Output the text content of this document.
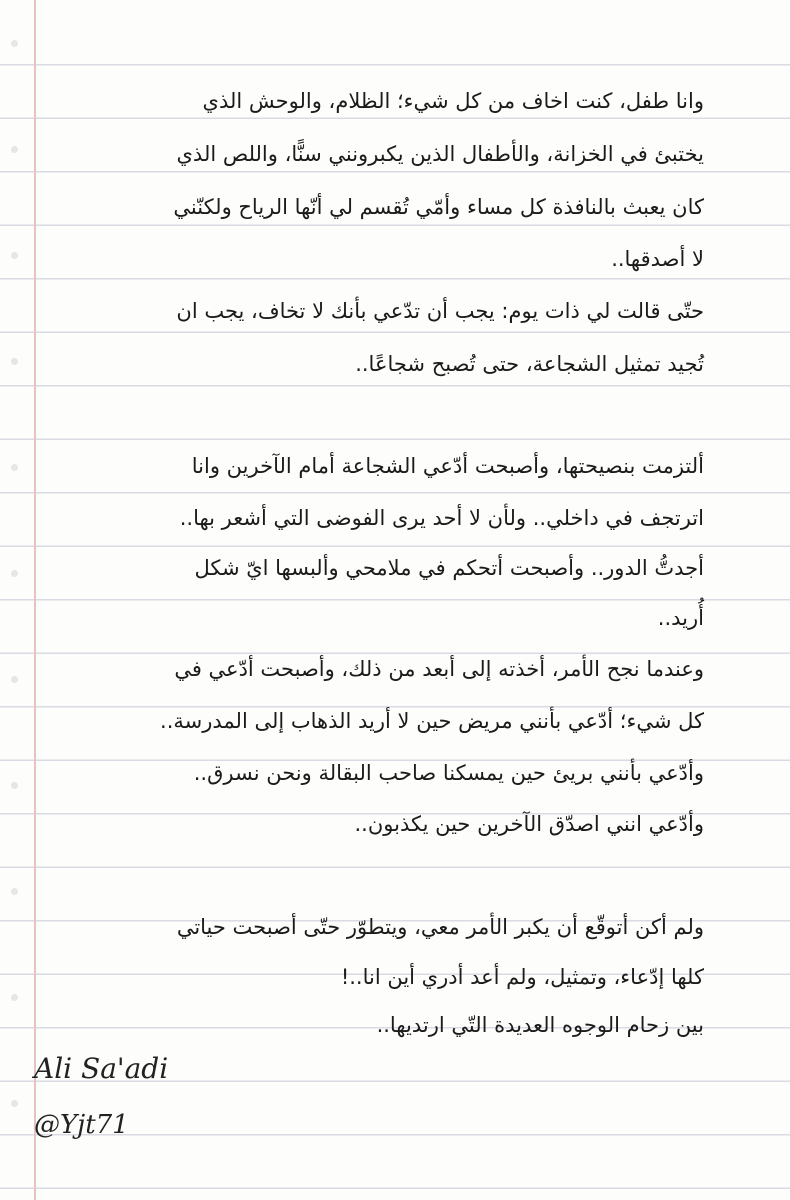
وانا طفل، كنت اخاف من كل شيء؛ الظلام، والوحش الذي
يختبئ في الخزانة، والأطفال الذين يكبرونني سنًّا، واللص الذي
كان يعبث بالنافذة كل مساء وأمّي تُقسم لي أنّها الرياح ولكنّني
لا أصدقها..
حتّى قالت لي ذات يوم: يجب أن تدّعي بأنك لا تخاف، يجب ان
تُجيد تمثيل الشجاعة، حتى تُصبح شجاعًا..
ألتزمت بنصيحتها، وأصبحت أدّعي الشجاعة أمام الآخرين وانا
اترتجف في داخلي.. ولأن لا أحد يرى الفوضى التي أشعر بها..
أجدتُّ الدور.. وأصبحت أتحكم في ملامحي وألبسها ايّ شكل
أُريد..
وعندما نجح الأمر، أخذته إلى أبعد من ذلك، وأصبحت أدّعي في
كل شيء؛ أدّعي بأنني مريض حين لا أريد الذهاب إلى المدرسة..
وأدّعي بأنني بريئ حين يمسكنا صاحب البقالة ونحن نسرق..
وأدّعي انني اصدّق الآخرين حين يكذبون..
ولم أكن أتوقّع أن يكبر الأمر معي، ويتطوّر حتّى أصبحت حياتي
كلها إدّعاء، وتمثيل، ولم أعد أدري أين انا..!
بين زحام الوجوه العديدة التّي ارتديها..
Ali Sa'adi
@Yjt71
